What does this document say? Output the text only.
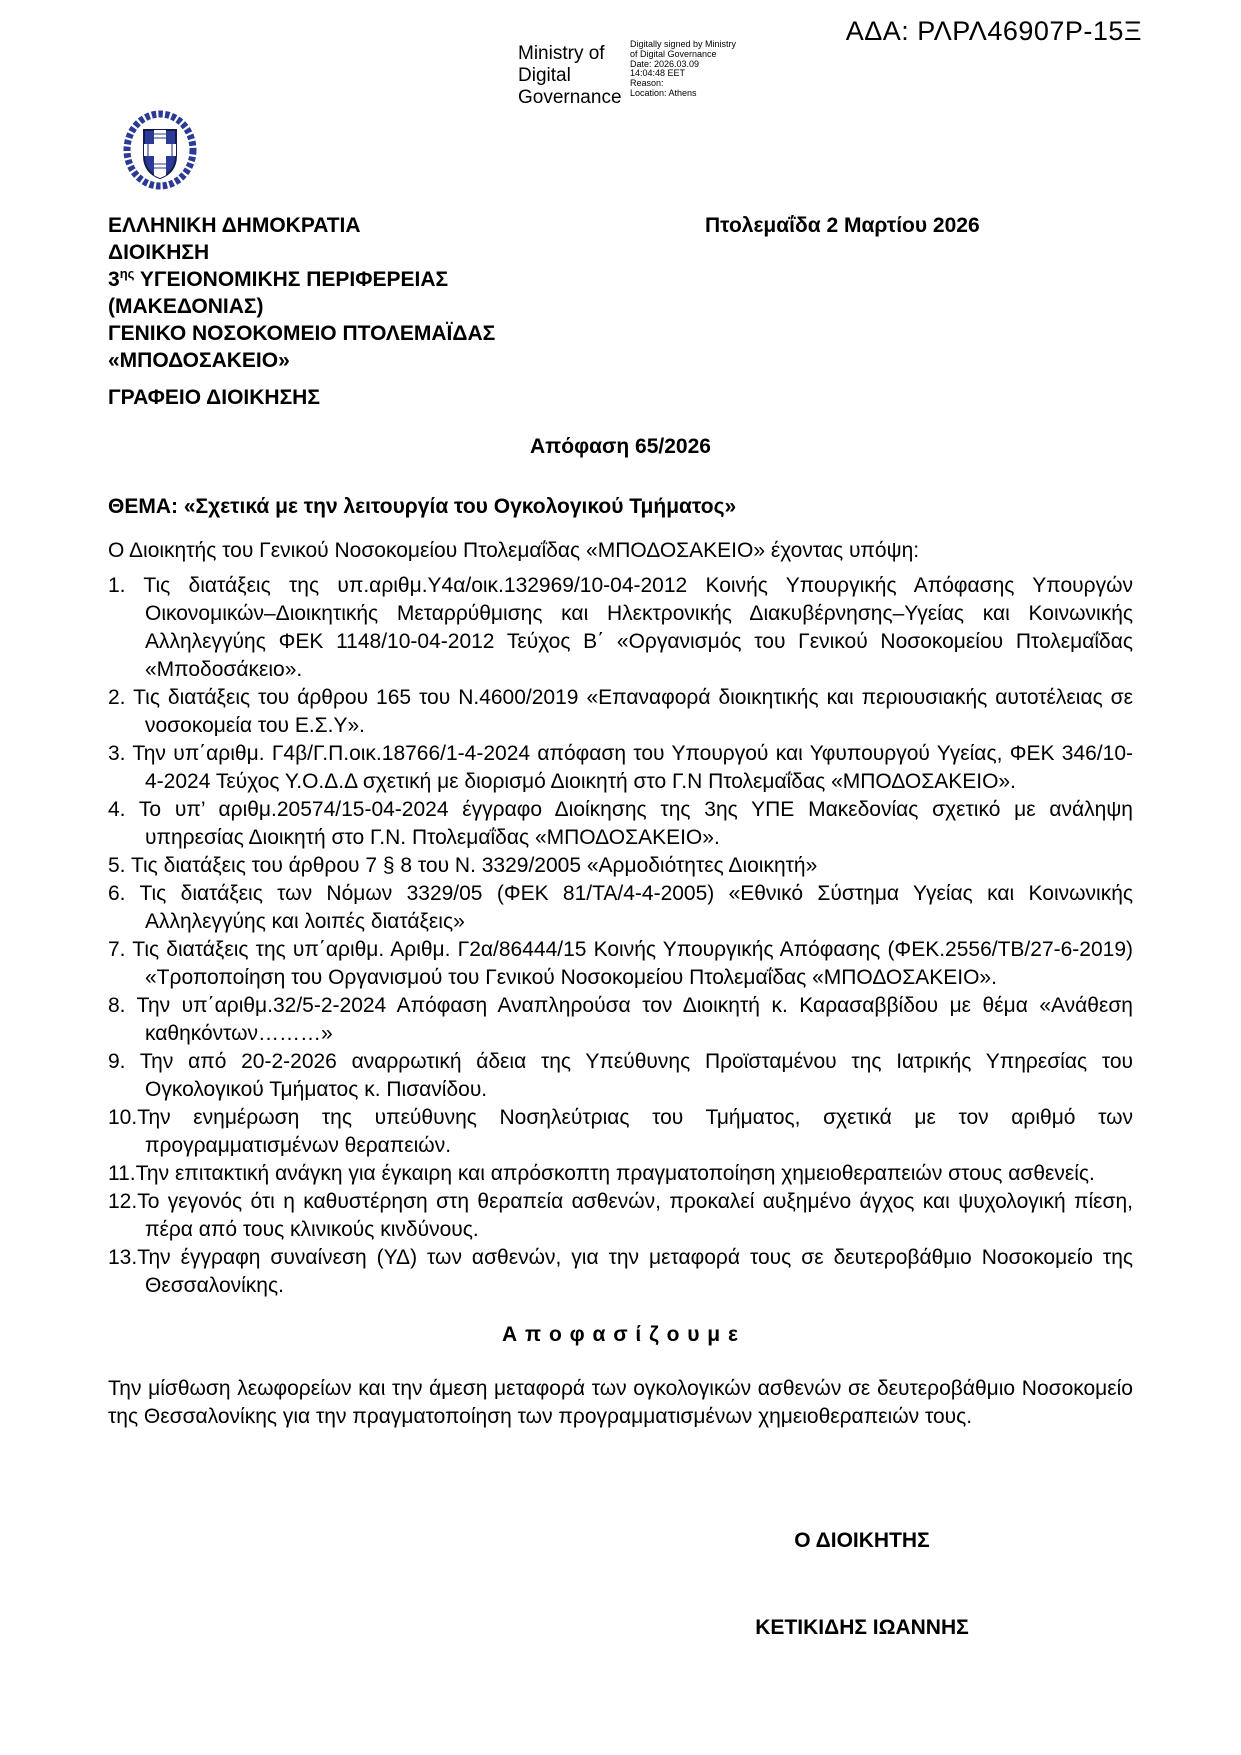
ΑΔΑ: ΡΛΡΛ46907Ρ-15Ξ
Ministry of
Digital
Governance
Digitally signed by Ministry
of Digital Governance
Date: 2026.03.09
14:04:48 EET
Reason:
Location: Athens
ΕΛΛΗΝΙΚΗ ΔΗΜΟΚΡΑΤΙΑ
ΔΙΟΙΚΗΣΗ
$3^{\eta\varsigma}$ ΥΓΕΙΟΝΟΜΙΚΗΣ ΠΕΡΙΦΕΡΕΙΑΣ
(ΜΑΚΕΔΟΝΙΑΣ)
ΓΕΝΙΚΟ ΝΟΣΟΚΟΜΕΙΟ ΠΤΟΛΕΜΑΪΔΑΣ
«ΜΠΟΔΟΣΑΚΕΙΟ»
Πτολεμαΐδα 2 Μαρτίου 2026
ΓΡΑΦΕΙΟ ΔΙΟΙΚΗΣΗΣ
Απόφαση 65/2026
ΘΕΜΑ: «Σχετικά με την λειτουργία του Ογκολογικού Τμήματος»

Ο Διοικητής του Γενικού Νοσοκομείου Πτολεμαΐδας «ΜΠΟΔΟΣΑΚΕΙΟ» έχοντας υπόψη:

1. Τις διατάξεις της υπ.αριθμ.Υ4α/οικ.132969/10-04-2012 Κοινής Υπουργικής Απόφασης Υπουργών Οικονομικών–Διοικητικής Μεταρρύθμισης και Ηλεκτρονικής Διακυβέρνησης–Υγείας και Κοινωνικής Αλληλεγγύης ΦΕΚ 1148/10-04-2012 Τεύχος Β΄ «Οργανισμός του Γενικού Νοσοκομείου Πτολεμαΐδας «Μποδοσάκειο».
2. Τις διατάξεις του άρθρου 165 του Ν.4600/2019 «Επαναφορά διοικητικής και περιουσιακής αυτοτέλειας σε νοσοκομεία του Ε.Σ.Υ».
3. Την υπ΄αριθμ. Γ4β/Γ.Π.οικ.18766/1-4-2024 απόφαση του Υπουργού και Υφυπουργού Υγείας, ΦΕΚ 346/10-4-2024 Τεύχος Υ.Ο.Δ.Δ σχετική με διορισμό Διοικητή στο Γ.Ν Πτολεμαΐδας «ΜΠΟΔΟΣΑΚΕΙΟ».
4. Το υπ’ αριθμ.20574/15-04-2024 έγγραφο Διοίκησης της 3ης ΥΠΕ Μακεδονίας σχετικό με ανάληψη υπηρεσίας Διοικητή στο Γ.Ν. Πτολεμαΐδας «ΜΠΟΔΟΣΑΚΕΙΟ».
5. Τις διατάξεις του άρθρου 7 § 8 του Ν. 3329/2005 «Αρμοδιότητες Διοικητή»
6. Τις διατάξεις των Νόμων 3329/05 (ΦΕΚ 81/ΤΑ/4-4-2005) «Εθνικό Σύστημα Υγείας και Κοινωνικής Αλληλεγγύης και λοιπές διατάξεις»
7. Τις διατάξεις της υπ΄αριθμ. Αριθμ. Γ2α/86444/15 Κοινής Υπουργικής Απόφασης (ΦΕΚ.2556/ΤΒ/27-6-2019) «Τροποποίηση του Οργανισμού του Γενικού Νοσοκομείου Πτολεμαΐδας «ΜΠΟΔΟΣΑΚΕΙΟ».
8. Την υπ΄αριθμ.32/5-2-2024 Απόφαση Αναπληρούσα τον Διοικητή κ. Καρασαββίδου με θέμα «Ανάθεση καθηκόντων………»
9. Την από 20-2-2026 αναρρωτική άδεια της Υπεύθυνης Προϊσταμένου της Ιατρικής Υπηρεσίας του Ογκολογικού Τμήματος κ. Πισανίδου.
10.Την ενημέρωση της υπεύθυνης Νοσηλεύτριας του Τμήματος, σχετικά με τον αριθμό των προγραμματισμένων θεραπειών.
11.Την επιτακτική ανάγκη για έγκαιρη και απρόσκοπτη πραγματοποίηση χημειοθεραπειών στους ασθενείς.
12.Το γεγονός ότι η καθυστέρηση στη θεραπεία ασθενών, προκαλεί αυξημένο άγχος και ψυχολογική πίεση, πέρα από τους κλινικούς κινδύνους.
13.Την έγγραφη συναίνεση (ΥΔ) των ασθενών, για την μεταφορά τους σε δευτεροβάθμιο Νοσοκομείο της Θεσσαλονίκης.
Α π ο φ α σ ί ζ ο υ μ ε

Την μίσθωση λεωφορείων και την άμεση μεταφορά των ογκολογικών ασθενών σε δευτεροβάθμιο Νοσοκομείο της Θεσσαλονίκης για την πραγματοποίηση των προγραμματισμένων χημειοθεραπειών τους.

Ο ΔΙΟΙΚΗΤΗΣ
ΚΕΤΙΚΙΔΗΣ ΙΩΑΝΝΗΣ
